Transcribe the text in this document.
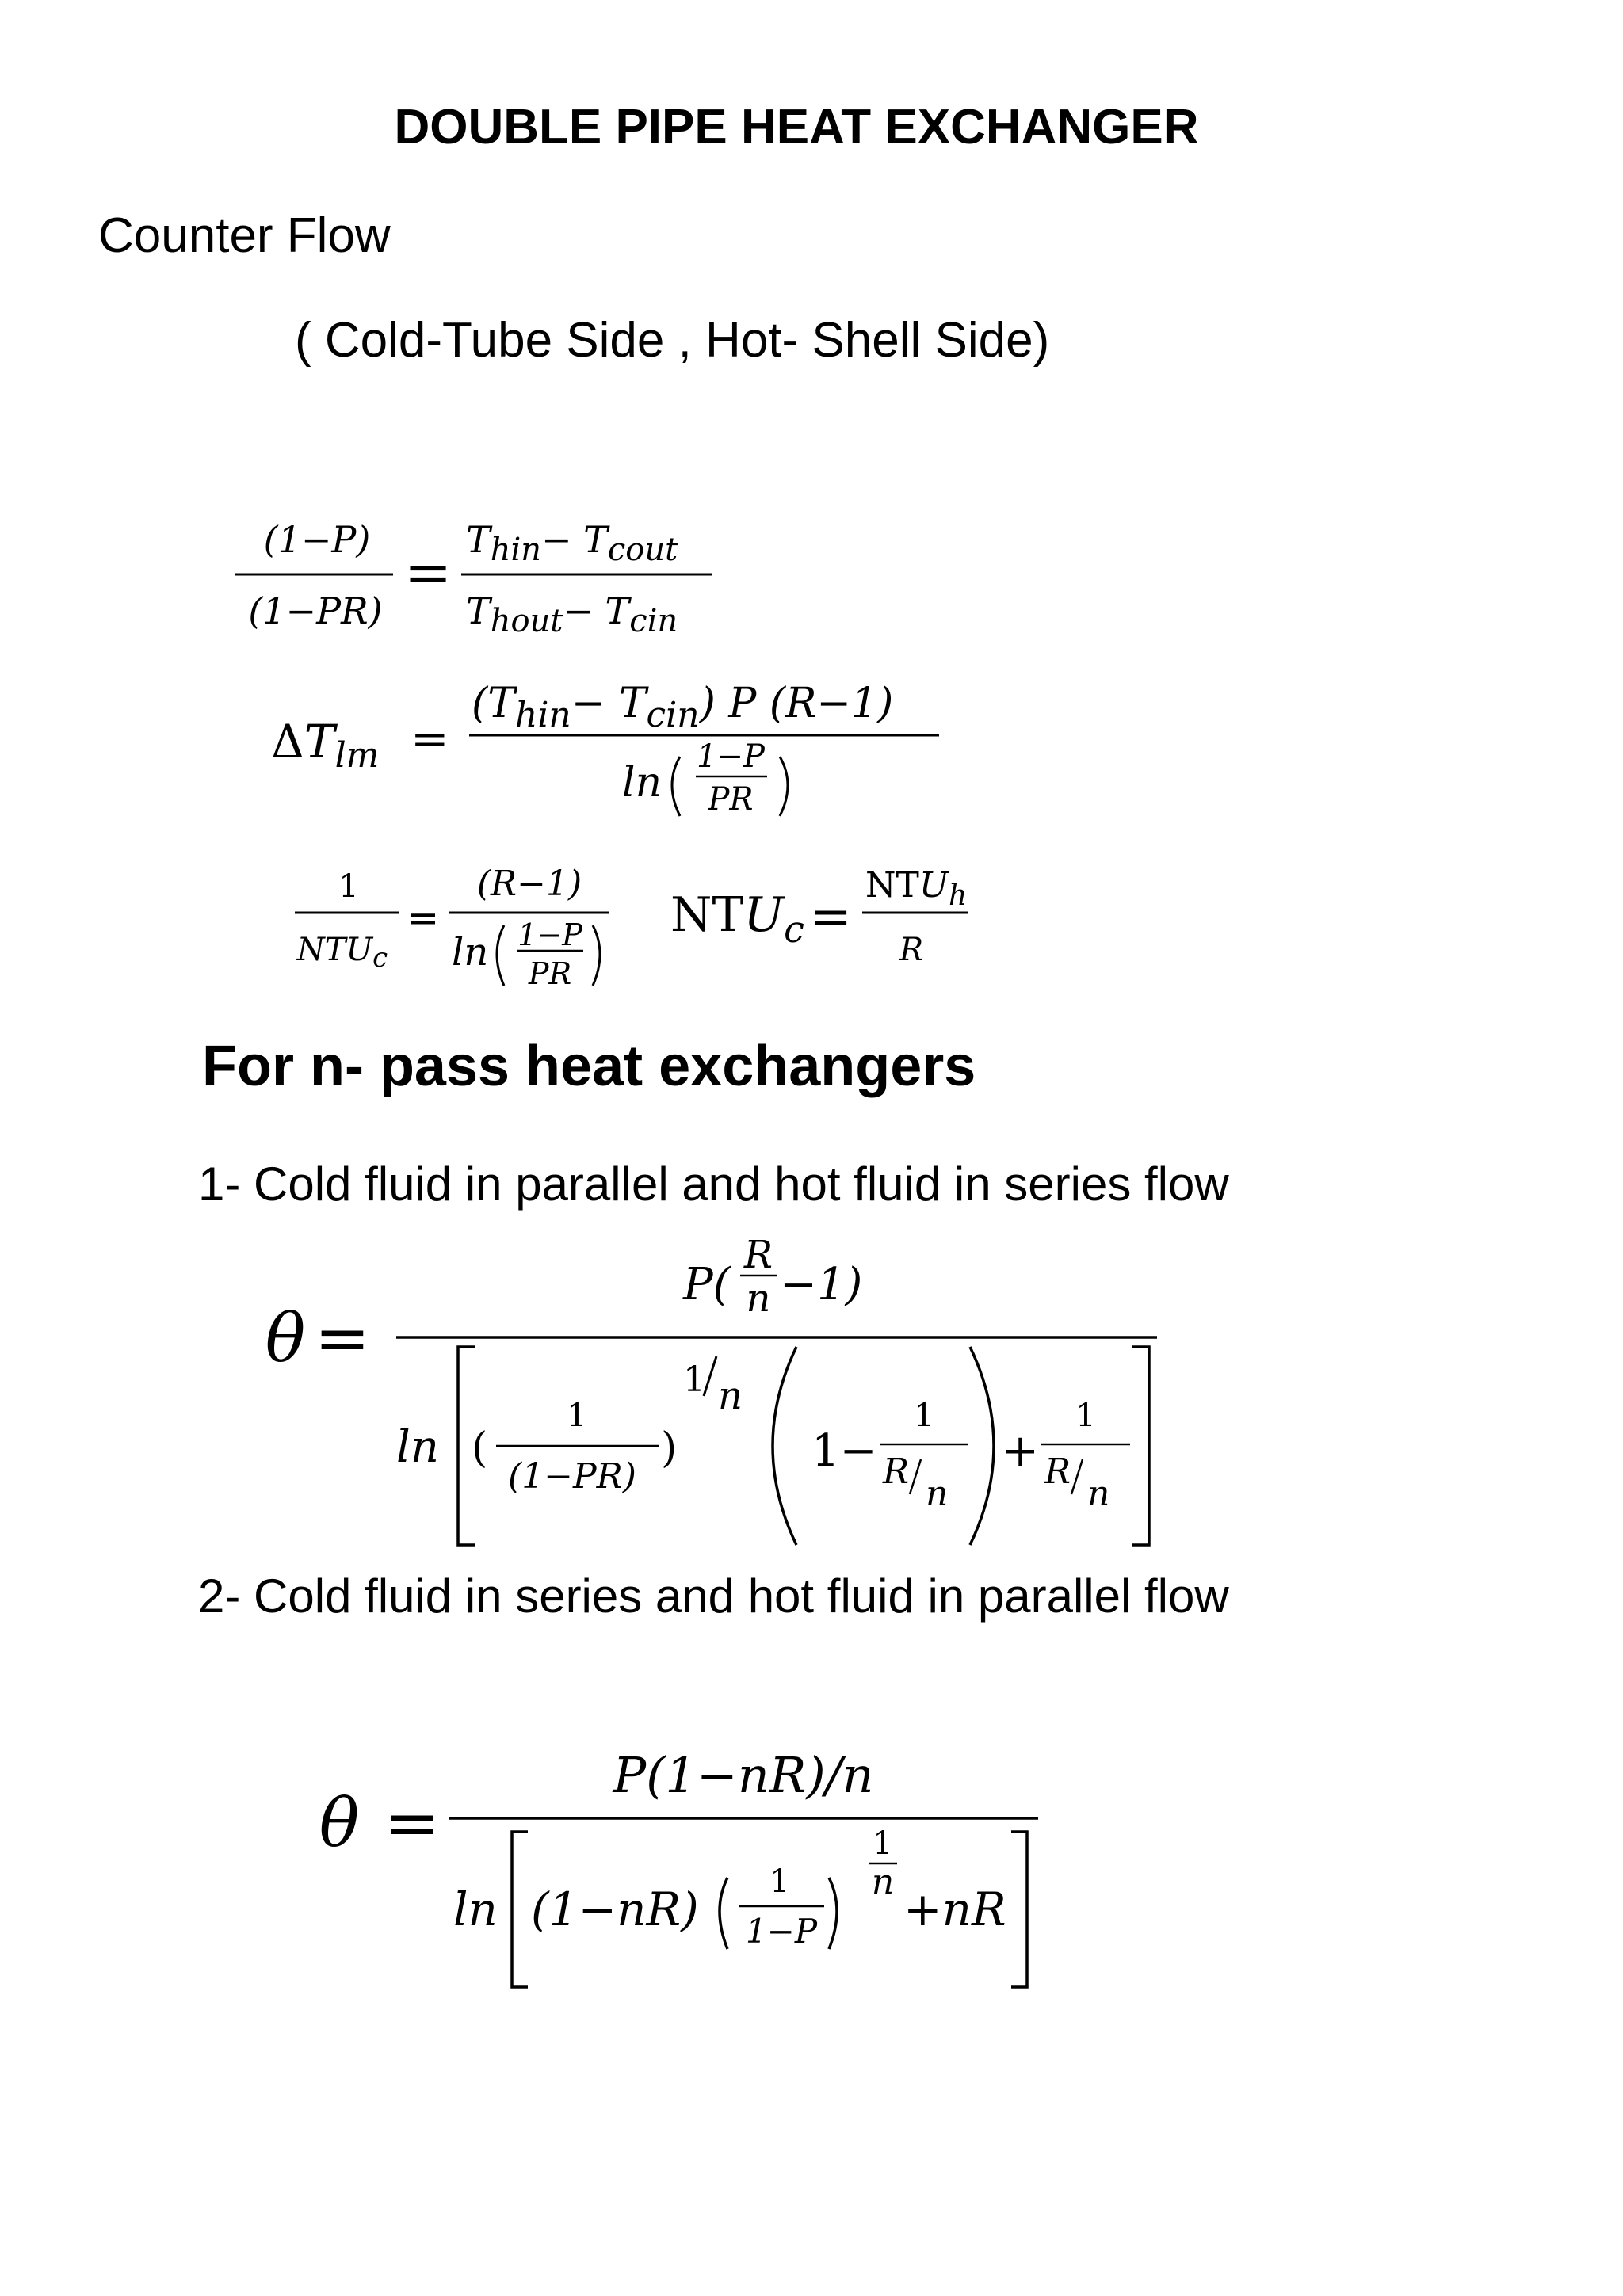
DOUBLE PIPE HEAT EXCHANGER
Counter Flow
( Cold-Tube Side , Hot- Shell Side)
For n- pass heat exchangers
1- Cold fluid in parallel and hot fluid in series flow
2- Cold fluid in series and hot fluid in parallel flow
(1−P)
(1−PR)
= Thin− Tcout
Thout− Tcin
$\Delta T_{lm}$ =
$(T_{hin}- T_{cin})$ P (R−1)
ln
1−P
PR
1
$NTU_c$
=
(R−1)
ln 1−P
PR
$NTU_c$ =
$NTU_h$
R
θ =
P(
R
n −1)
ln (
1
(1−PR)
)
1 n
1−
1
R
n
+
1
R
n
θ =
P(1−nR)/n
ln (1−nR)
1
1−P
1
n
+nR
